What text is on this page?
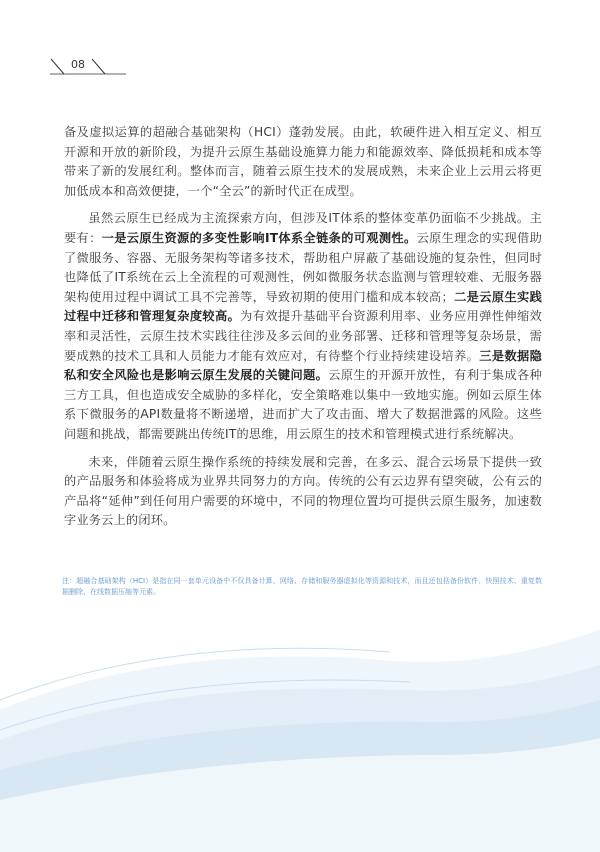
08

备及虚拟运算的超融合基础架构（HCI）蓬勃发展。由此，软硬件进入相互定义、相互开源和开放的新阶段，为提升云原生基础设施算力能力和能源效率、降低损耗和成本等带来了新的发展红利。整体而言，随着云原生技术的发展成熟，未来企业上云用云将更加低成本和高效便捷，一个“全云”的新时代正在成型。

虽然云原生已经成为主流探索方向，但涉及IT体系的整体变革仍面临不少挑战。主要有：一是云原生资源的多变性影响IT体系全链条的可观测性。云原生理念的实现借助了微服务、容器、无服务架构等诸多技术，帮助租户屏蔽了基础设施的复杂性，但同时也降低了IT系统在云上全流程的可观测性，例如微服务状态监测与管理较难、无服务器架构使用过程中调试工具不完善等，导致初期的使用门槛和成本较高；二是云原生实践过程中迁移和管理复杂度较高。为有效提升基础平台资源利用率、业务应用弹性伸缩效率和灵活性，云原生技术实践往往涉及多云间的业务部署、迁移和管理等复杂场景，需要成熟的技术工具和人员能力才能有效应对，有待整个行业持续建设培养。三是数据隐私和安全风险也是影响云原生发展的关键问题。云原生的开源开放性，有利于集成各种三方工具，但也造成安全威胁的多样化，安全策略难以集中一致地实施。例如云原生体系下微服务的API数量将不断递增，进而扩大了攻击面、增大了数据泄露的风险。这些问题和挑战，都需要跳出传统IT的思维，用云原生的技术和管理模式进行系统解决。

未来，伴随着云原生操作系统的持续发展和完善，在多云、混合云场景下提供一致的产品服务和体验将成为业界共同努力的方向。传统的公有云边界有望突破，公有云的产品将“延伸”到任何用户需要的环境中，不同的物理位置均可提供云原生服务，加速数字业务云上的闭环。

注：超融合基础架构（HCI）是指在同一套单元设备中不仅具备计算、网络、存储和服务器虚拟化等资源和技术，而且还包括备份软件、快照技术、重复数据删除、在线数据压缩等元素。
